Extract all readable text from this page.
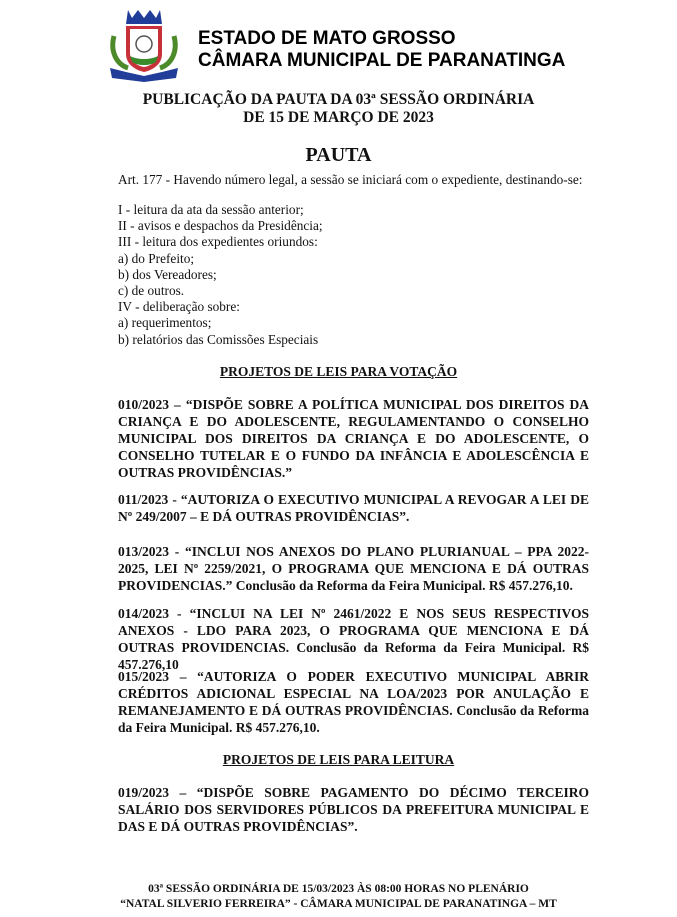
ESTADO DE MATO GROSSO
CÂMARA MUNICIPAL DE PARANATINGA
PUBLICAÇÃO DA PAUTA DA 03ª SESSÃO ORDINÁRIA
DE 15 DE MARÇO DE 2023
PAUTA
Art. 177 - Havendo número legal, a sessão se iniciará com o expediente, destinando-se:
I - leitura da ata da sessão anterior;
II - avisos e despachos da Presidência;
III - leitura dos expedientes oriundos:
a) do Prefeito;
b) dos Vereadores;
c) de outros.
IV - deliberação sobre:
a) requerimentos;
b) relatórios das Comissões Especiais
PROJETOS DE LEIS PARA VOTAÇÃO
010/2023 – “DISPÕE SOBRE A POLÍTICA MUNICIPAL DOS DIREITOS DA CRIANÇA E DO ADOLESCENTE, REGULAMENTANDO O CONSELHO MUNICIPAL DOS DIREITOS DA CRIANÇA E DO ADOLESCENTE, O CONSELHO TUTELAR E O FUNDO DA INFÂNCIA E ADOLESCÊNCIA E OUTRAS PROVIDÊNCIAS.”
011/2023 - “AUTORIZA O EXECUTIVO MUNICIPAL A REVOGAR A LEI DE Nº 249/2007 – E DÁ OUTRAS PROVIDÊNCIAS”.
013/2023 - “INCLUI NOS ANEXOS DO PLANO PLURIANUAL – PPA 2022-2025, LEI Nº 2259/2021, O PROGRAMA QUE MENCIONA E DÁ OUTRAS PROVIDENCIAS.” Conclusão da Reforma da Feira Municipal. R$ 457.276,10.
014/2023 - “INCLUI NA LEI Nº 2461/2022 E NOS SEUS RESPECTIVOS ANEXOS - LDO PARA 2023, O PROGRAMA QUE MENCIONA E DÁ OUTRAS PROVIDENCIAS. Conclusão da Reforma da Feira Municipal. R$ 457.276,10
015/2023 – “AUTORIZA O PODER EXECUTIVO MUNICIPAL ABRIR CRÉDITOS ADICIONAL ESPECIAL NA LOA/2023 POR ANULAÇÃO E REMANEJAMENTO E DÁ OUTRAS PROVIDÊNCIAS. Conclusão da Reforma da Feira Municipal. R$ 457.276,10.
PROJETOS DE LEIS PARA LEITURA
019/2023 – “DISPÕE SOBRE PAGAMENTO DO DÉCIMO TERCEIRO SALÁRIO DOS SERVIDORES PÚBLICOS DA PREFEITURA MUNICIPAL E DAS E DÁ OUTRAS PROVIDÊNCIAS”.
03ª SESSÃO ORDINÁRIA DE 15/03/2023 ÀS 08:00 HORAS NO PLENÁRIO
“NATAL SILVERIO FERREIRA” - CÂMARA MUNICIPAL DE PARANATINGA – MT
